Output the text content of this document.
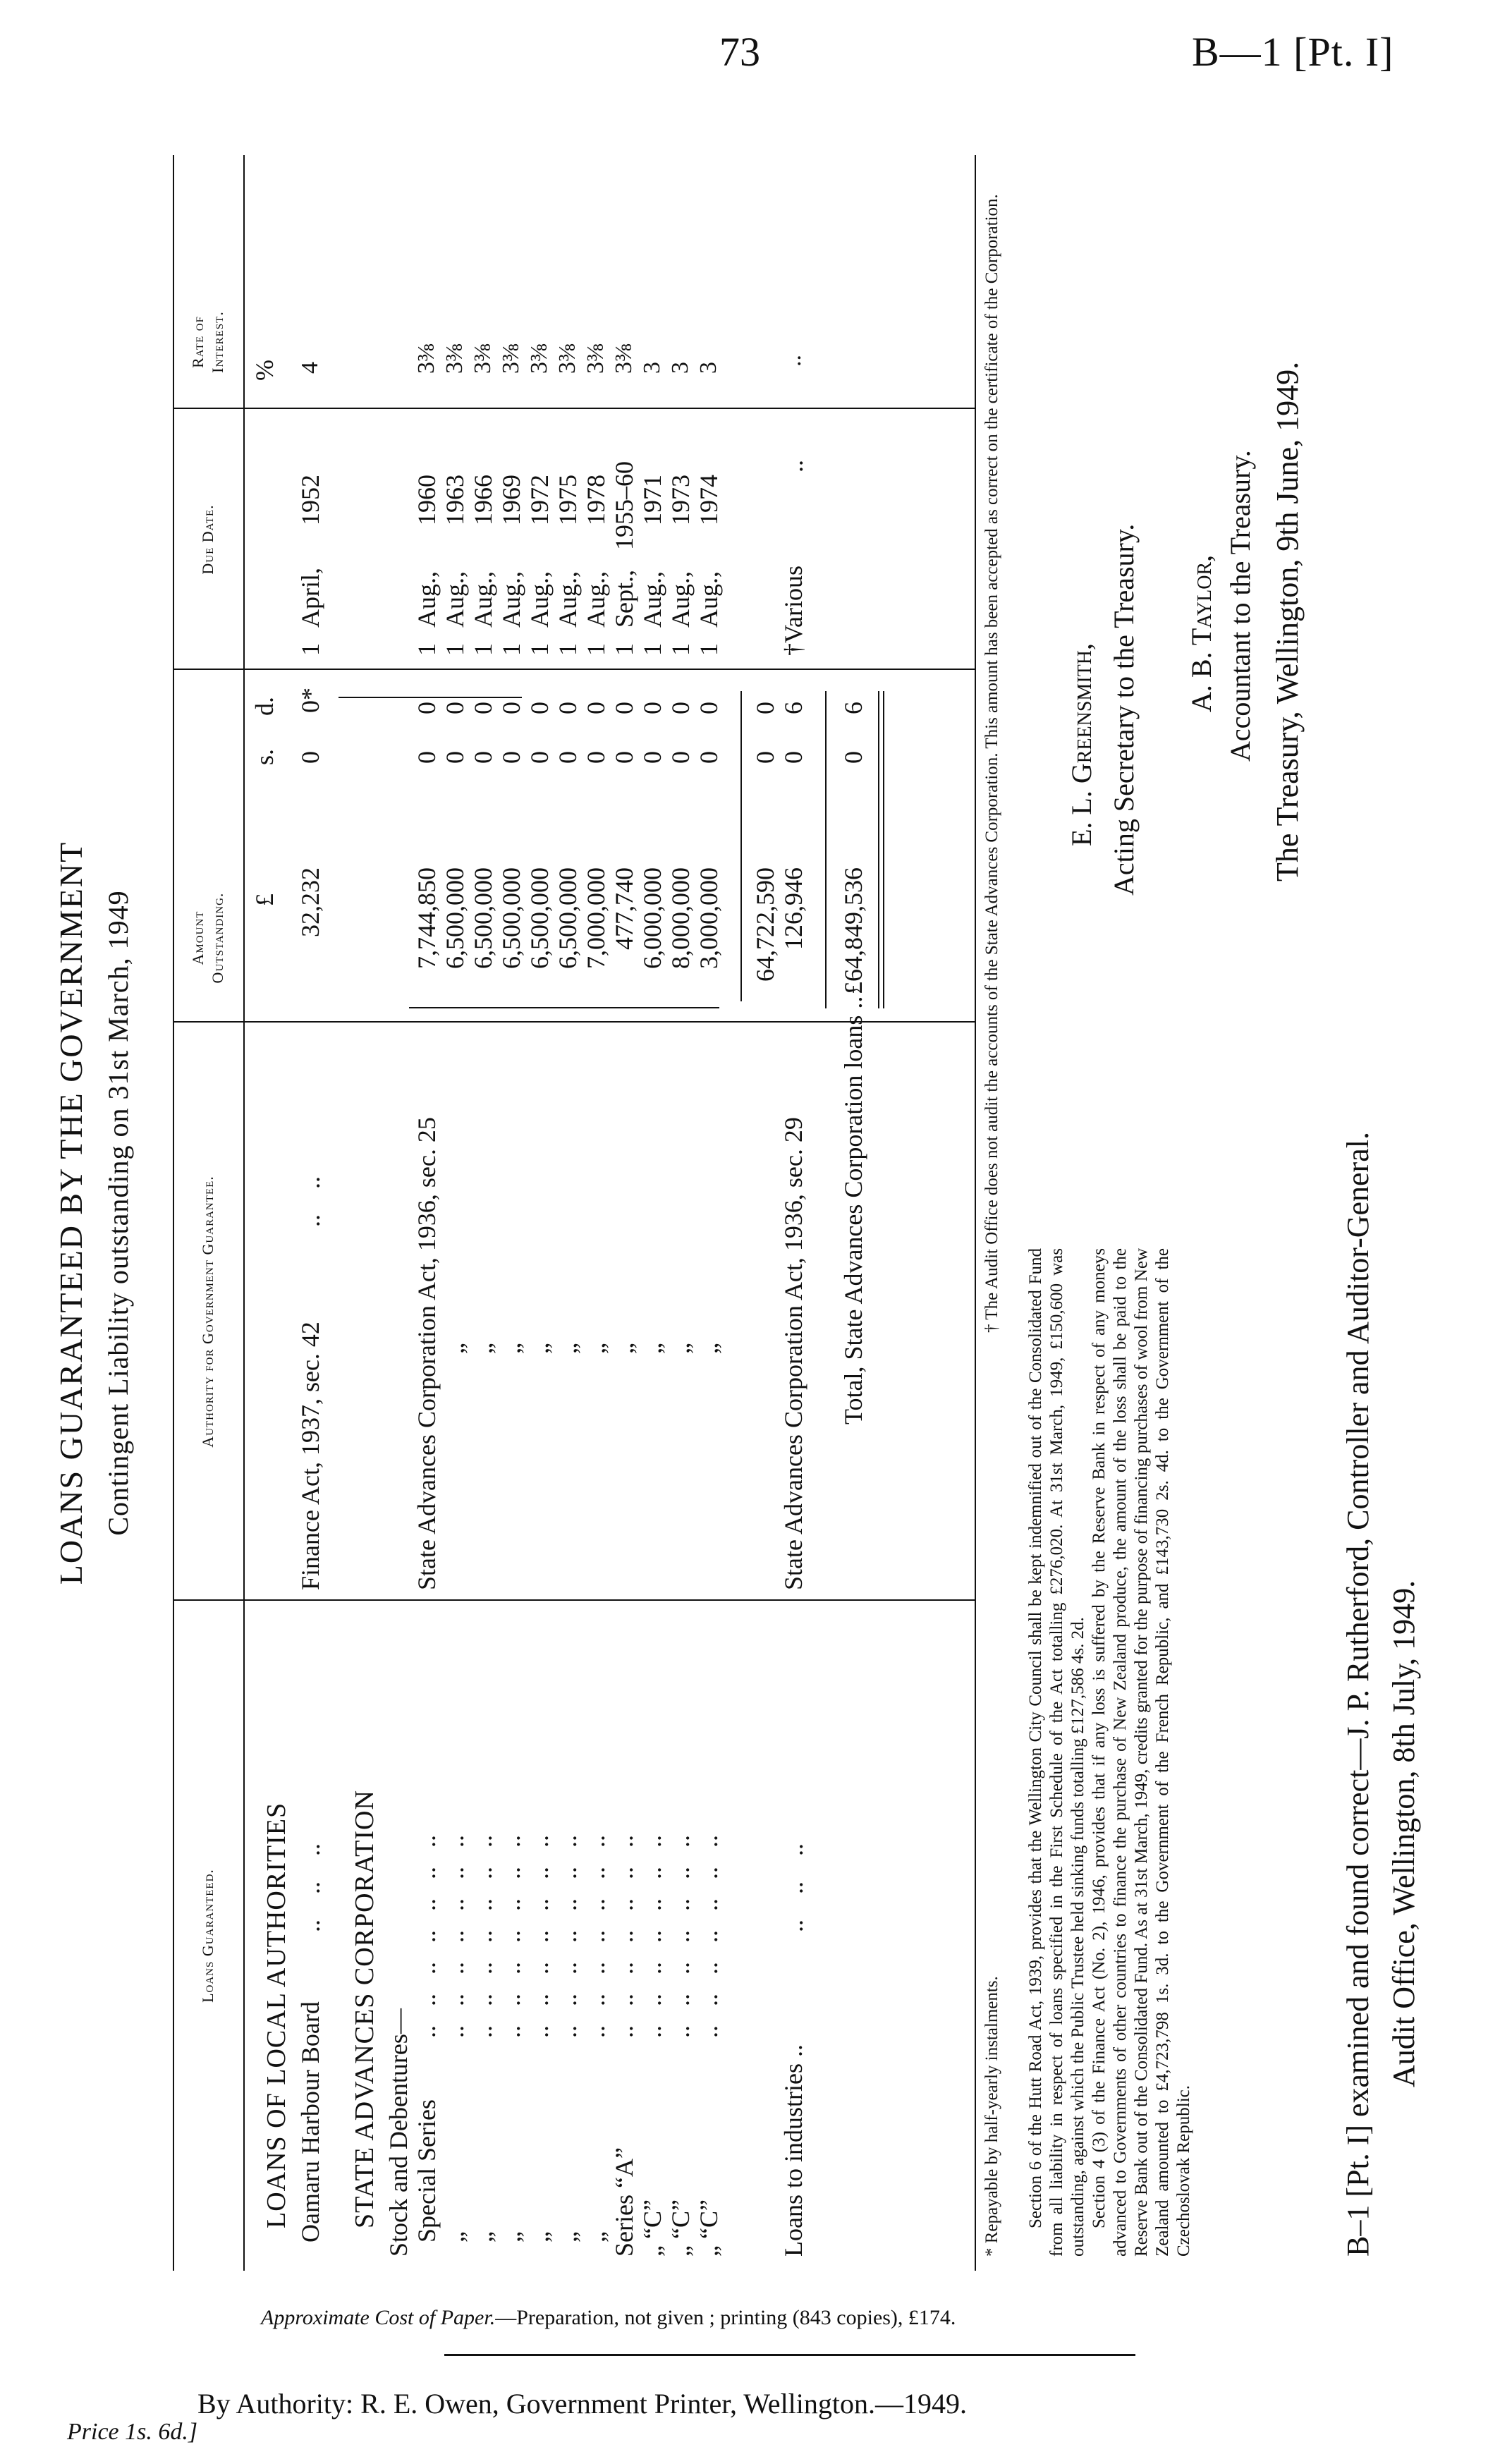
73	B—1 [Pt. I]
Approximate Cost of Paper.—Preparation, not given ; printing (843 copies), £174.
By Authority: R. E. Owen, Government Printer, Wellington.—1949.
Price 1s. 6d.]
LOANS GUARANTEED BY THE GOVERNMENT Contingent Liability outstanding on 31st March, 1949
Loans Guaranteed.
Authority for Government Guarantee.
Amount Outstanding.
Due Date.
Rate of Interest.
£
s.
d.
%
LOANS OF LOCAL AUTHORITIES Oamaru Harbour Board
..    ..    ..
Finance Act, 1937, sec. 42
..    ..
32,232
0
0*
1
April,
1952
4
STATE ADVANCES CORPORATION Stock and Debentures— Special Series „ „ „ „ „ „ Series “A” „ “C” „ “C” „ “C”
..   ..   ..   ..   ..   ..   ..
..   ..   ..   ..   ..   ..   ..
..   ..   ..   ..   ..   ..   ..
..   ..   ..   ..   ..   ..   ..
..   ..   ..   ..   ..   ..   ..
..   ..   ..   ..   ..   ..   ..
..   ..   ..   ..   ..   ..   ..
..   ..   ..   ..   ..   ..   ..
..   ..   ..   ..   ..   ..   ..
..   ..   ..   ..   ..   ..   ..
..   ..   ..   ..   ..   ..   ..
State Advances Corporation Act, 1936, sec. 25 „ „ „ „ „ „ „ „ „ „
7,744,850 6,500,000 6,500,000 6,500,000 6,500,000 6,500,000 7,000,000 477,740 6,000,000 8,000,000 3,000,000
0 0 0 0 0 0 0 0 0 0 0
0 0 0 0 0 0 0 0 0 0 0
1 1 1 1 1 1 1 1 1 1 1
Aug., Aug., Aug., Aug., Aug., Aug., Aug., Sept., Aug., Aug., Aug.,
1960 1963 1966 1969 1972 1975 1978 1955–60 1971 1973 1974
3⅜ 3⅜ 3⅜ 3⅜ 3⅜ 3⅜ 3⅜ 3⅜ 3 3 3
64,722,590
0
0
Loans to industries ..
..    ..    ..
State Advances Corporation Act, 1936, sec. 29
126,946
0
6
†Various
..
..
Total, State Advances Corporation loans ..
£64,849,536
0
6

* Repayable by half-yearly instalments. Section 6 of the Hutt Road Act, 1939, provides that the Wellington City Council shall be kept indemnified out of the Consolidated Fund from all liability in respect of loans specified in the First Schedule of the Act totalling £276,020. At 31st March, 1949, £150,600 was outstanding, against which the Public Trustee held sinking funds totalling £127,586 4s. 2d. Section 4 (3) of the Finance Act (No. 2), 1946, provides that if any loss is suffered by the Reserve Bank in respect of any moneys advanced to Governments of other countries to finance the purchase of New Zealand produce, the amount of the loss shall be paid to the Reserve Bank out of the Consolidated Fund. As at 31st March, 1949, credits granted for the purpose of financing purchases of wool from New Zealand amounted to £4,723,798 1s. 3d. to the Government of the French Republic, and £143,730 2s. 4d. to the Government of the Czechoslovak Republic.

† The Audit Office does not audit the accounts of the State Advances Corporation. This amount has been accepted as correct on the certificate of the Corporation. E. L. Greensmith, Acting Secretary to the Treasury. A. B. Taylor, Accountant to the Treasury. The Treasury, Wellington, 9th June, 1949.
B–1 [Pt. I] examined and found correct—J. P. Rutherford, Controller and Auditor-General. Audit Office, Wellington, 8th July, 1949.
